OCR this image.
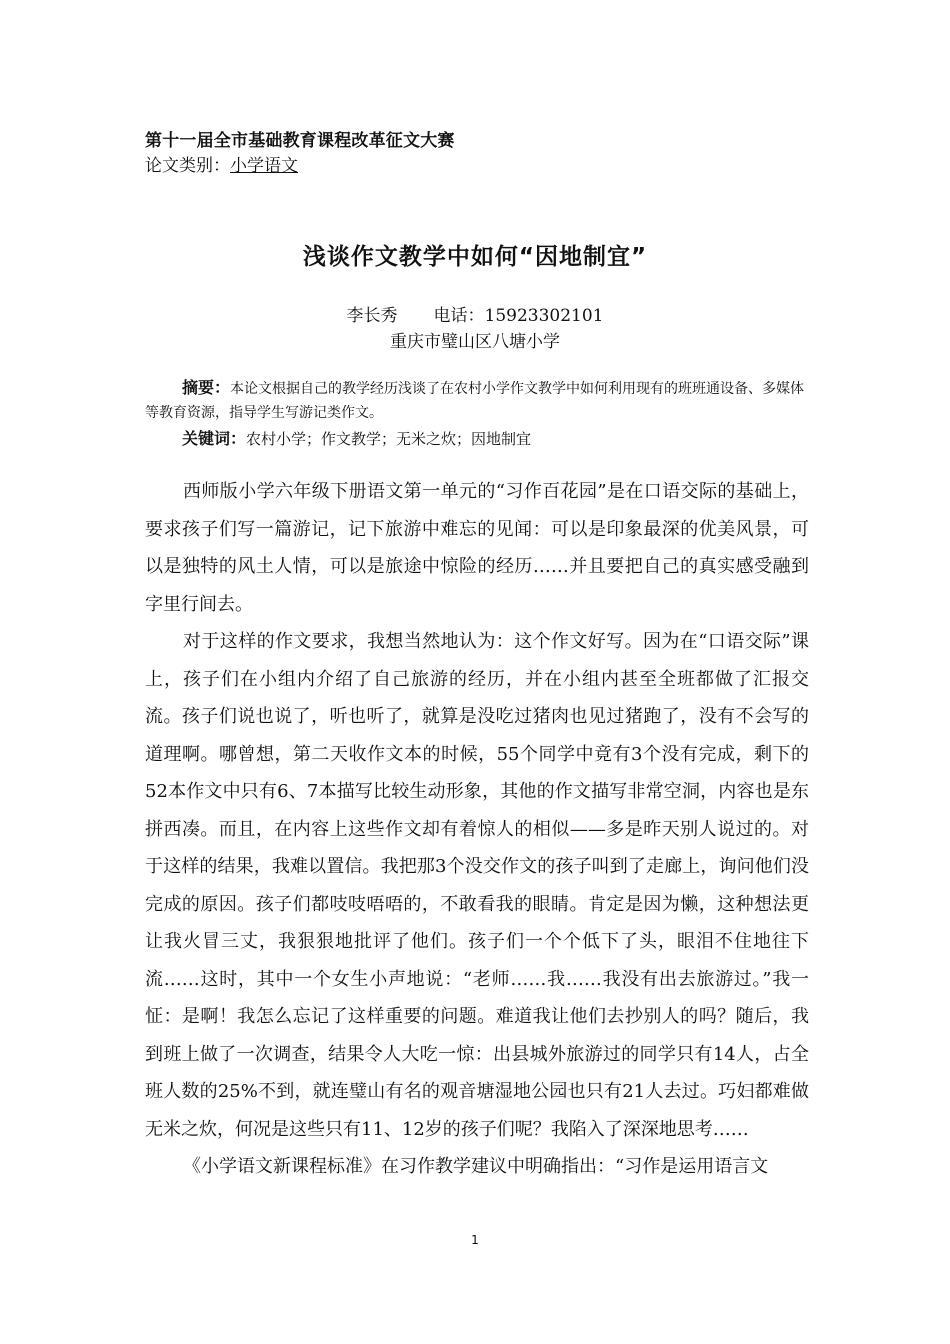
第十一届全市基础教育课程改革征文大赛
论文类别：小学语文
浅谈作文教学中如何“因地制宜”
李长秀 电话：15923302101
重庆市璧山区八塘小学
摘要：本论文根据自己的教学经历浅谈了在农村小学作文教学中如何利用现有的班班通设备、多媒体等教育资源，指导学生写游记类作文。
关键词：农村小学；作文教学；无米之炊；因地制宜

西师版小学六年级下册语文第一单元的“习作百花园”是在口语交际的基础上，要求孩子们写一篇游记，记下旅游中难忘的见闻：可以是印象最深的优美风景，可以是独特的风土人情，可以是旅途中惊险的经历……并且要把自己的真实感受融到字里行间去。

对于这样的作文要求，我想当然地认为：这个作文好写。因为在“口语交际”课上，孩子们在小组内介绍了自己旅游的经历，并在小组内甚至全班都做了汇报交流。孩子们说也说了，听也听了，就算是没吃过猪肉也见过猪跑了，没有不会写的道理啊。哪曾想，第二天收作文本的时候，55个同学中竟有3个没有完成，剩下的52本作文中只有6、7本描写比较生动形象，其他的作文描写非常空洞，内容也是东拼西凑。而且，在内容上这些作文却有着惊人的相似——多是昨天别人说过的。对于这样的结果，我难以置信。我把那3个没交作文的孩子叫到了走廊上，询问他们没完成的原因。孩子们都吱吱唔唔的，不敢看我的眼睛。肯定是因为懒，这种想法更让我火冒三丈，我狠狠地批评了他们。孩子们一个个低下了头，眼泪不住地往下流……这时，其中一个女生小声地说：“老师……我……我没有出去旅游过。”我一怔：是啊！我怎么忘记了这样重要的问题。难道我让他们去抄别人的吗？随后，我到班上做了一次调查，结果令人大吃一惊：出县城外旅游过的同学只有14人，占全班人数的25%不到，就连璧山有名的观音塘湿地公园也只有21人去过。巧妇都难做无米之炊，何况是这些只有11、12岁的孩子们呢？我陷入了深深地思考……

《小学语文新课程标准》在习作教学建议中明确指出：“习作是运用语言文

1
